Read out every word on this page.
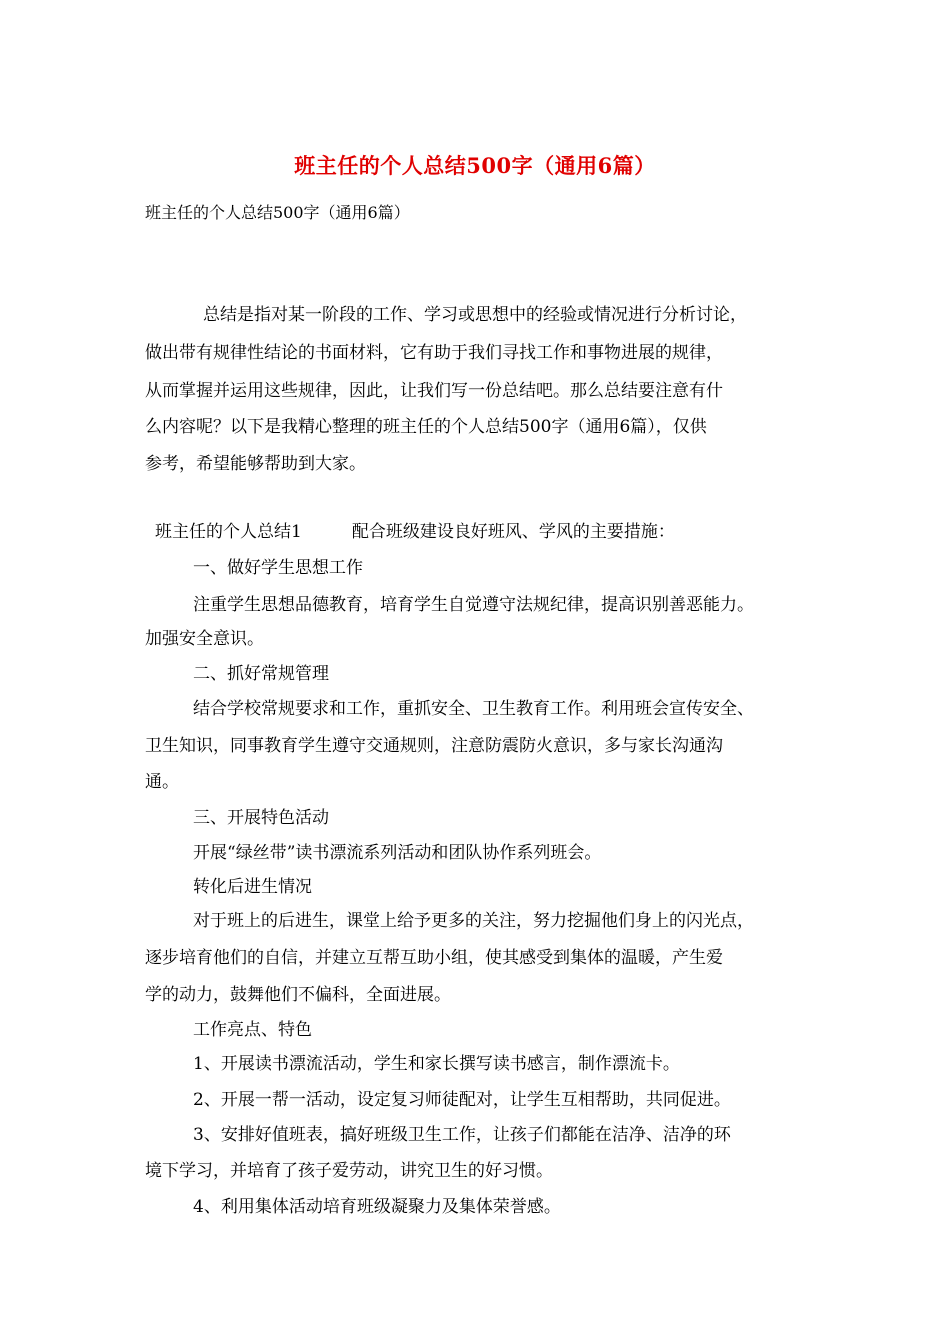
班主任的个人总结500字（通用6篇）
班主任的个人总结500字（通用6篇）
总结是指对某一阶段的工作、学习或思想中的经验或情况进行分析讨论，
做出带有规律性结论的书面材料，它有助于我们寻找工作和事物进展的规律，
从而掌握并运用这些规律，因此，让我们写一份总结吧。那么总结要注意有什
么内容呢？以下是我精心整理的班主任的个人总结500字（通用6篇），仅供
参考，希望能够帮助到大家。
班主任的个人总结1	配合班级建设良好班风、学风的主要措施：
一、做好学生思想工作
注重学生思想品德教育，培育学生自觉遵守法规纪律，提高识别善恶能力。
加强安全意识。
二、抓好常规管理
结合学校常规要求和工作，重抓安全、卫生教育工作。利用班会宣传安全、
卫生知识，同事教育学生遵守交通规则，注意防震防火意识，多与家长沟通沟
通。
三、开展特色活动
开展“绿丝带”读书漂流系列活动和团队协作系列班会。
转化后进生情况
对于班上的后进生，课堂上给予更多的关注，努力挖掘他们身上的闪光点，
逐步培育他们的自信，并建立互帮互助小组，使其感受到集体的温暖，产生爱
学的动力，鼓舞他们不偏科，全面进展。
工作亮点、特色
1、开展读书漂流活动，学生和家长撰写读书感言，制作漂流卡。
2、开展一帮一活动，设定复习师徒配对，让学生互相帮助，共同促进。
3、安排好值班表，搞好班级卫生工作，让孩子们都能在洁净、洁净的环
境下学习，并培育了孩子爱劳动，讲究卫生的好习惯。
4、利用集体活动培育班级凝聚力及集体荣誉感。
